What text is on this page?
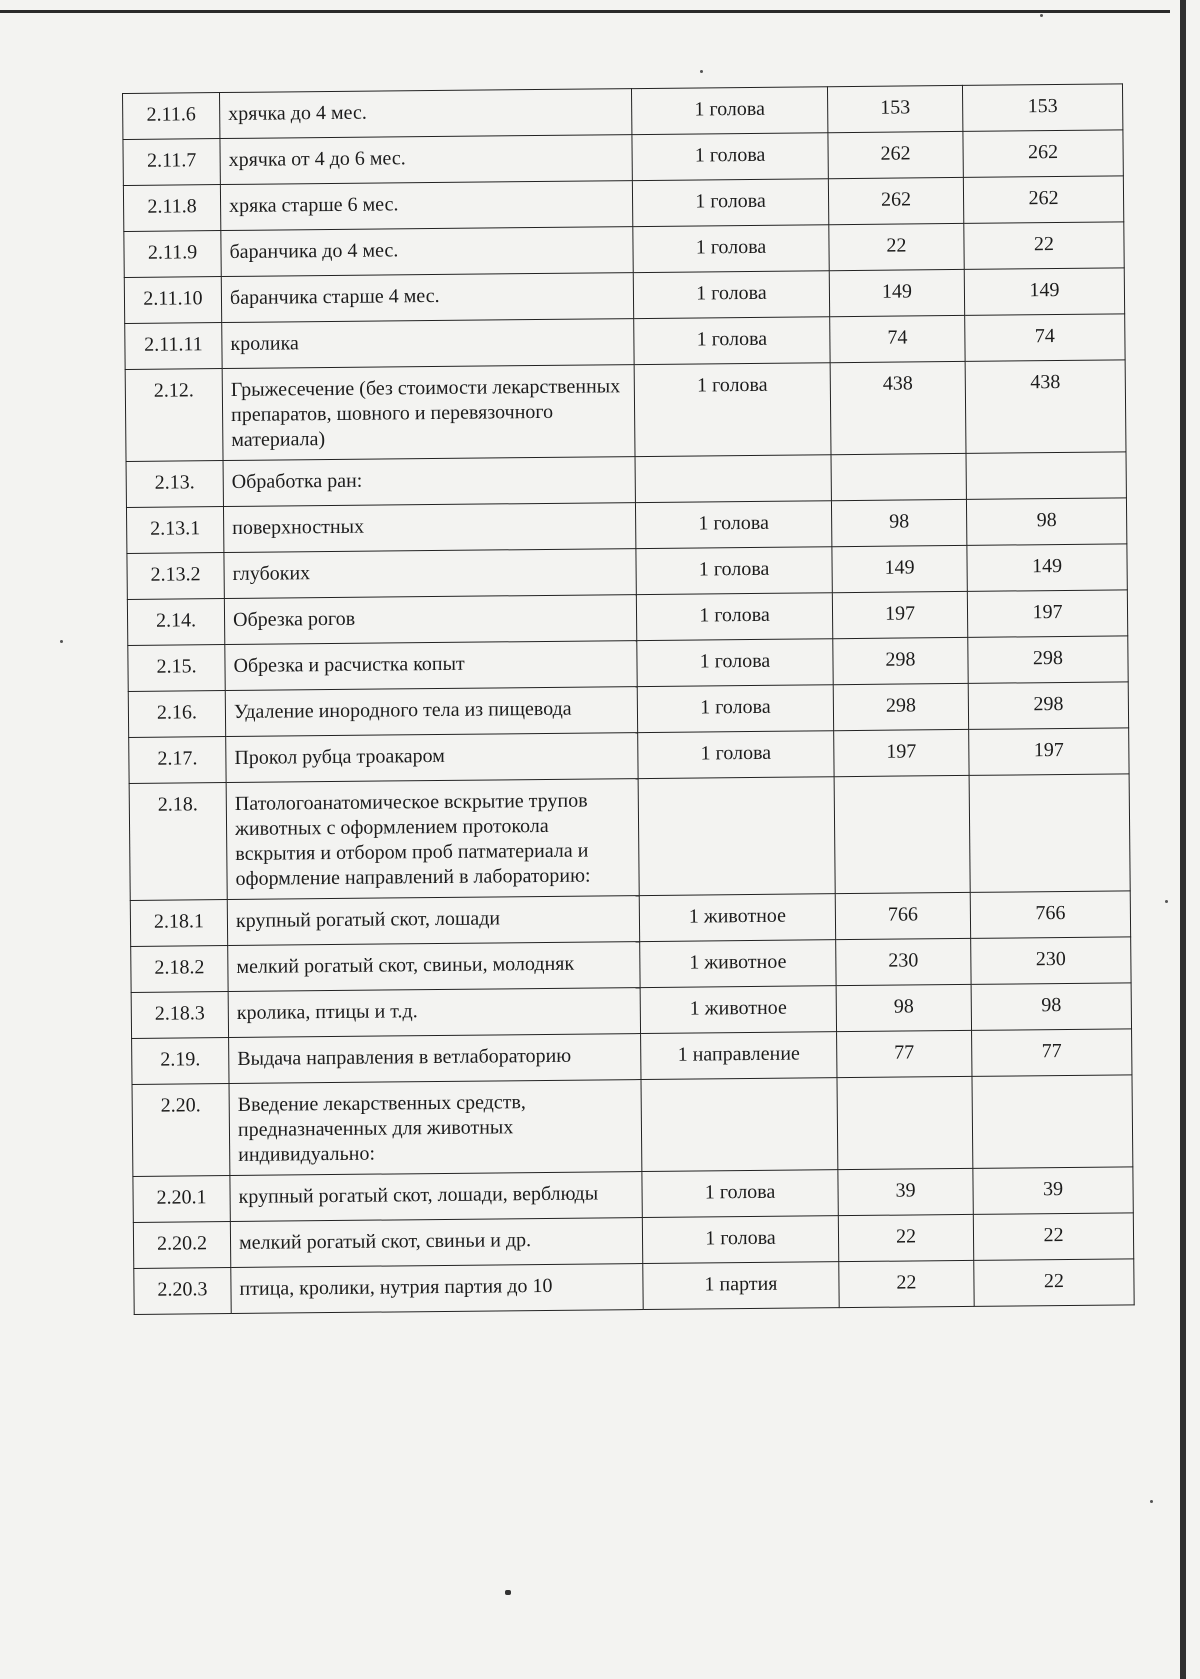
2.11.6	хрячка до 4 мес.	1 голова	153	153
2.11.7	хрячка от 4 до 6 мес.	1 голова	262	262
2.11.8	хряка старше 6 мес.	1 голова	262	262
2.11.9	баранчика до 4 мес.	1 голова	22	22
2.11.10	баранчика старше 4 мес.	1 голова	149	149
2.11.11	кролика	1 голова	74	74
2.12.	Грыжесечение (без стоимости лекарственных препаратов, шовного и перевязочного материала)	1 голова	438	438
2.13.	Обработка ран:			
2.13.1	поверхностных	1 голова	98	98
2.13.2	глубоких	1 голова	149	149
2.14.	Обрезка рогов	1 голова	197	197
2.15.	Обрезка и расчистка копыт	1 голова	298	298
2.16.	Удаление инородного тела из пищевода	1 голова	298	298
2.17.	Прокол рубца троакаром	1 голова	197	197
2.18.	Патологоанатомическое вскрытие трупов животных с оформлением протокола вскрытия и отбором проб патматериала и оформление направлений в лабораторию:			
2.18.1	крупный рогатый скот, лошади	1 животное	766	766
2.18.2	мелкий рогатый скот, свиньи, молодняк	1 животное	230	230
2.18.3	кролика, птицы и т.д.	1 животное	98	98
2.19.	Выдача направления в ветлабораторию	1 направление	77	77
2.20.	Введение лекарственных средств, предназначенных для животных индивидуально:			
2.20.1	крупный рогатый скот, лошади, верблюды	1 голова	39	39
2.20.2	мелкий рогатый скот, свиньи и др.	1 голова	22	22
2.20.3	птица, кролики, нутрия партия до 10	1 партия	22	22
